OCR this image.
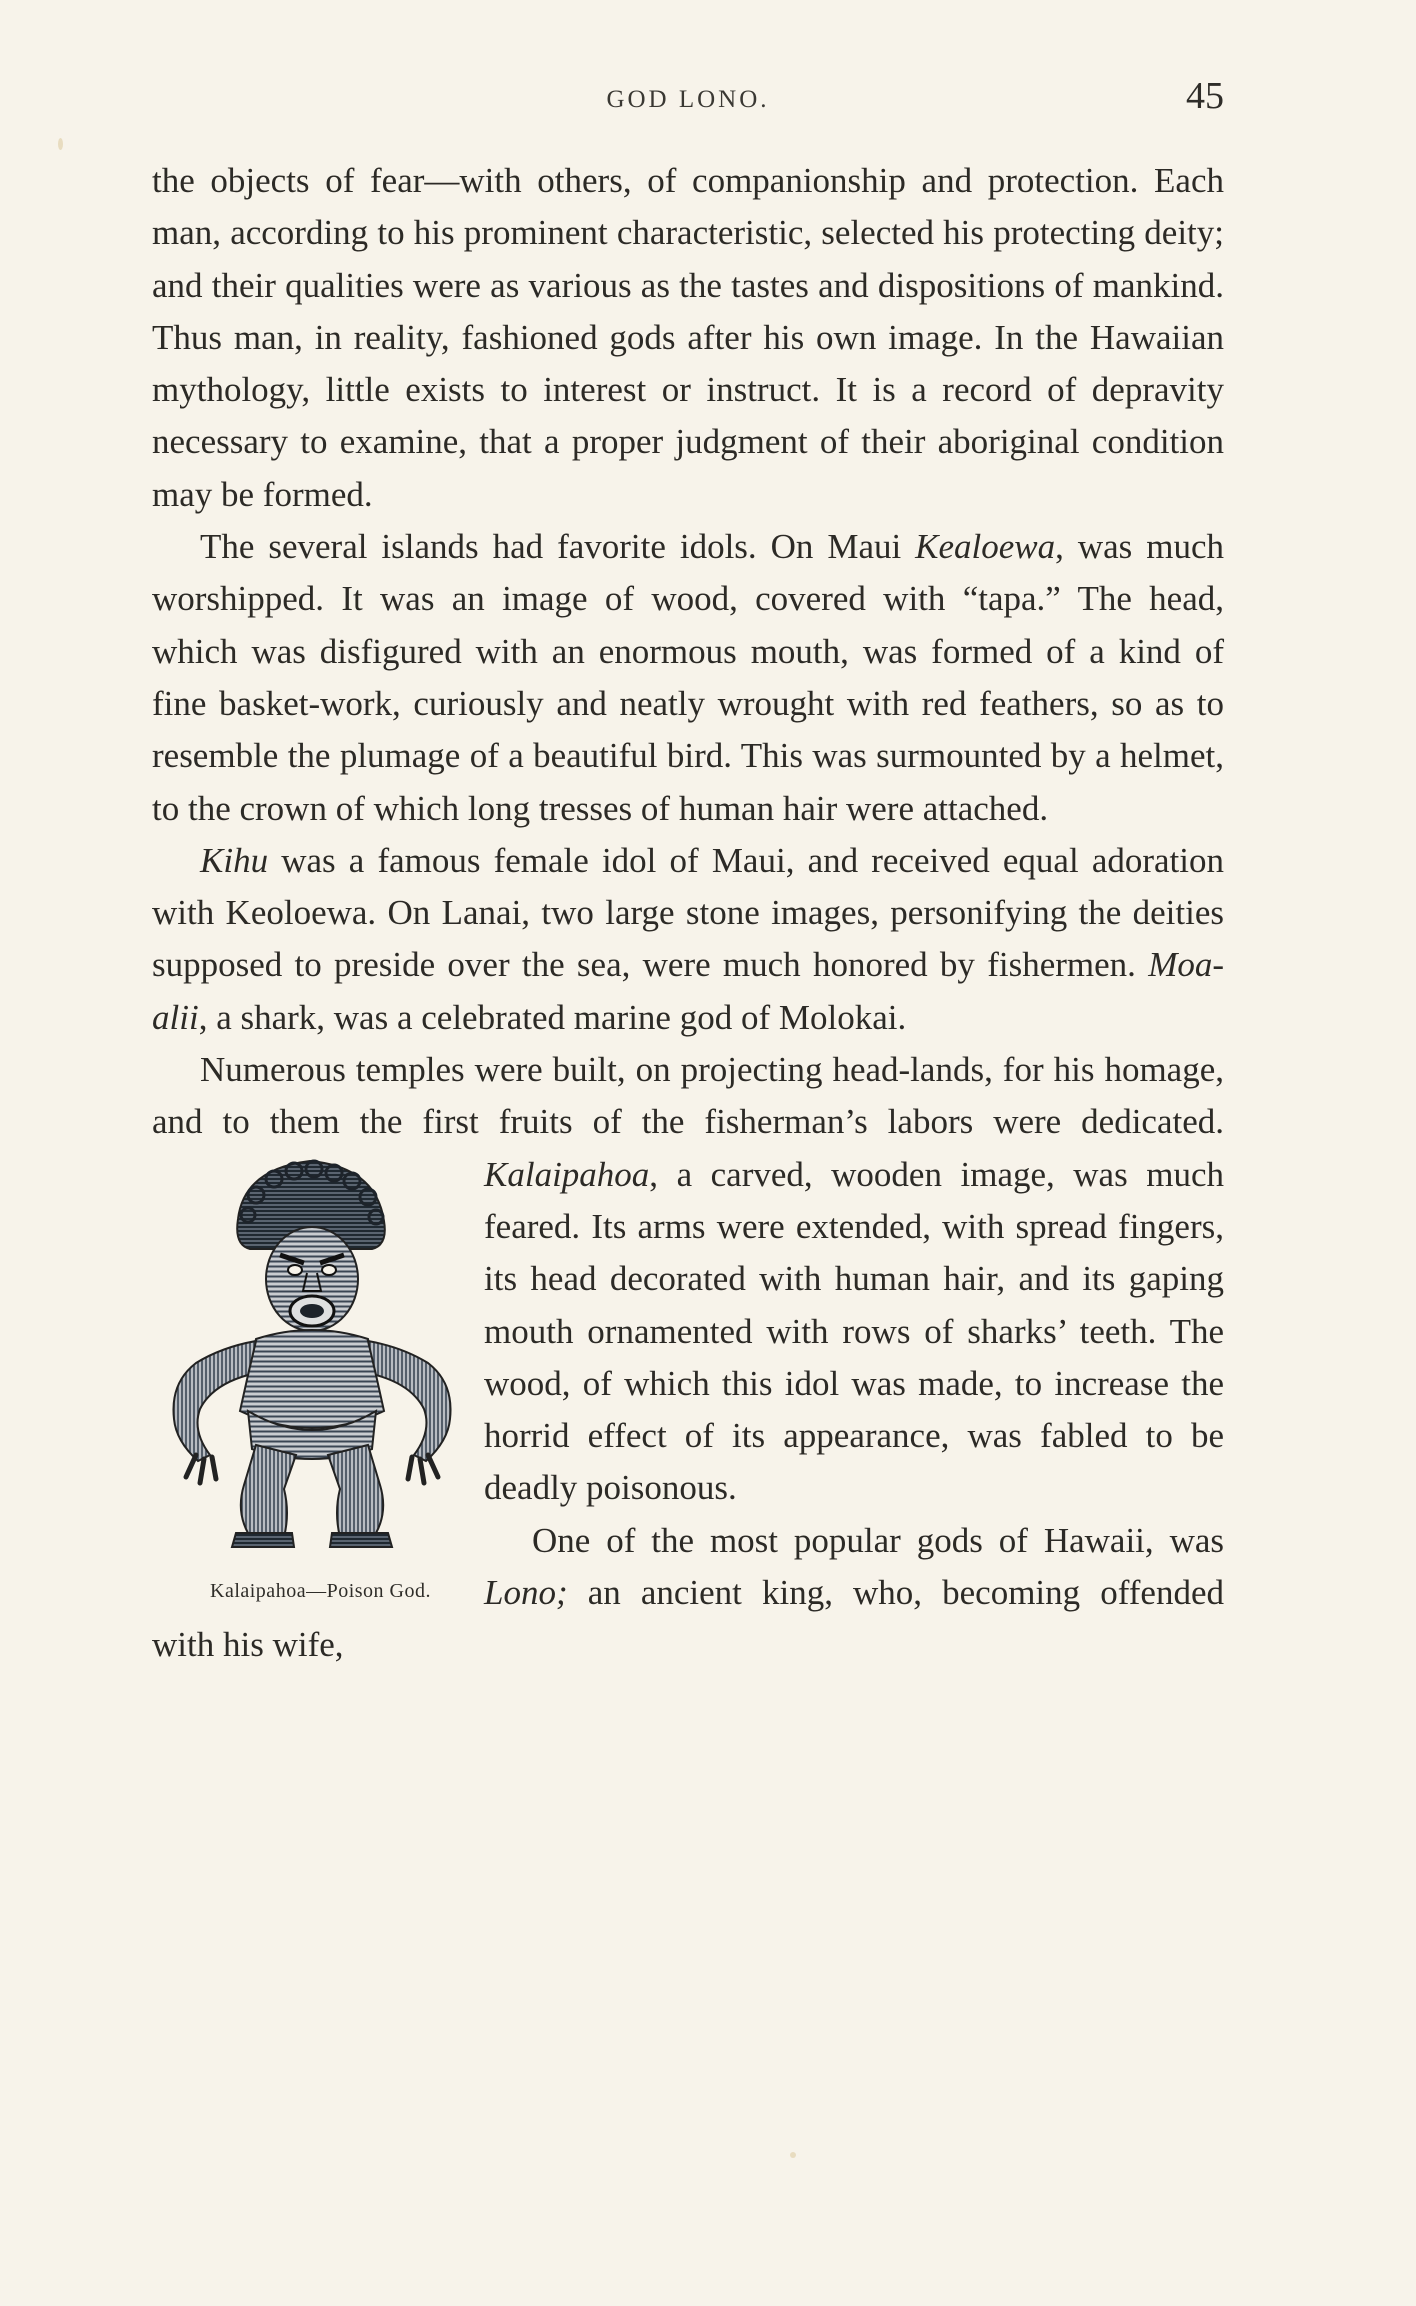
GOD LONO.	45

the objects of fear—with others, of companionship and protection. Each man, according to his prominent characteristic, selected his protecting deity; and their qualities were as various as the tastes and dispositions of mankind. Thus man, in reality, fashioned gods after his own image. In the Hawaiian mythology, little exists to interest or instruct. It is a record of depravity necessary to examine, that a proper judgment of their aboriginal condition may be formed.

The several islands had favorite idols. On Maui Kealoewa, was much worshipped. It was an image of wood, covered with “tapa.” The head, which was disfigured with an enormous mouth, was formed of a kind of fine basket-work, curiously and neatly wrought with red feathers, so as to resemble the plumage of a beautiful bird. This was surmounted by a helmet, to the crown of which long tresses of human hair were attached.

Kihu was a famous female idol of Maui, and received equal adoration with Keoloewa. On Lanai, two large stone images, personifying the deities supposed to preside over the sea, were much honored by fishermen. Moa-alii, a shark, was a celebrated marine god of Molokai.

Numerous temples were built, on projecting head-lands, for his homage, and to them the first fruits of the fisherman’s labors were dedicated.
Kalaipahoa—Poison God.
Kalaipahoa, a carved, wooden image, was much feared. Its arms were extended, with spread fingers, its head decorated with human hair, and its gaping mouth ornamented with rows of sharks’ teeth. The wood, of which this idol was made, to increase the horrid effect of its appearance, was fabled to be deadly poisonous.

One of the most popular gods of Hawaii, was Lono; an ancient king, who, becoming offended with his wife,
